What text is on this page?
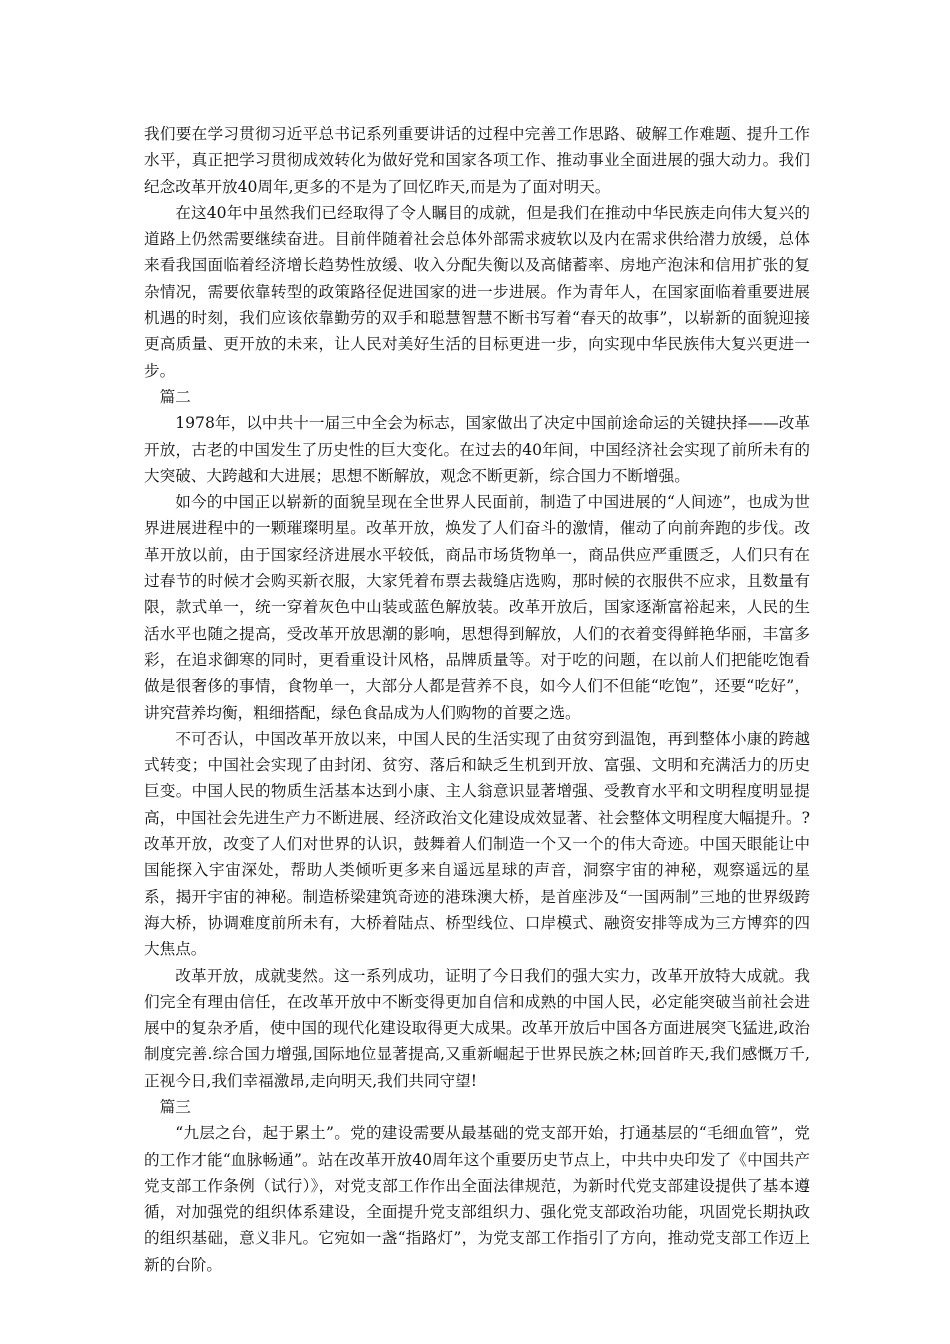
我们要在学习贯彻习近平总书记系列重要讲话的过程中完善工作思路、破解工作难题、提升工作水平，真正把学习贯彻成效转化为做好党和国家各项工作、推动事业全面进展的强大动力。我们纪念改革开放40周年,更多的不是为了回忆昨天,而是为了面对明天。

在这40年中虽然我们已经取得了令人瞩目的成就，但是我们在推动中华民族走向伟大复兴的道路上仍然需要继续奋进。目前伴随着社会总体外部需求疲软以及内在需求供给潜力放缓，总体来看我国面临着经济增长趋势性放缓、收入分配失衡以及高储蓄率、房地产泡沫和信用扩张的复杂情况，需要依靠转型的政策路径促进国家的进一步进展。作为青年人，在国家面临着重要进展机遇的时刻，我们应该依靠勤劳的双手和聪慧智慧不断书写着“春天的故事”，以崭新的面貌迎接更高质量、更开放的未来，让人民对美好生活的目标更进一步，向实现中华民族伟大复兴更进一步。

篇二

1978年，以中共十一届三中全会为标志，国家做出了决定中国前途命运的关键抉择——改革开放，古老的中国发生了历史性的巨大变化。在过去的40年间，中国经济社会实现了前所未有的大突破、大跨越和大进展；思想不断解放，观念不断更新，综合国力不断增强。

如今的中国正以崭新的面貌呈现在全世界人民面前，制造了中国进展的“人间迹”，也成为世界进展进程中的一颗璀璨明星。改革开放，焕发了人们奋斗的激情，催动了向前奔跑的步伐。改革开放以前，由于国家经济进展水平较低，商品市场货物单一，商品供应严重匮乏，人们只有在过春节的时候才会购买新衣服，大家凭着布票去裁缝店选购，那时候的衣服供不应求，且数量有限，款式单一，统一穿着灰色中山装或蓝色解放装。改革开放后，国家逐渐富裕起来，人民的生活水平也随之提高，受改革开放思潮的影响，思想得到解放，人们的衣着变得鲜艳华丽，丰富多彩，在追求御寒的同时，更看重设计风格，品牌质量等。对于吃的问题，在以前人们把能吃饱看做是很奢侈的事情，食物单一，大部分人都是营养不良，如今人们不但能“吃饱”，还要“吃好”，讲究营养均衡，粗细搭配，绿色食品成为人们购物的首要之选。

不可否认，中国改革开放以来，中国人民的生活实现了由贫穷到温饱，再到整体小康的跨越式转变；中国社会实现了由封闭、贫穷、落后和缺乏生机到开放、富强、文明和充满活力的历史巨变。中国人民的物质生活基本达到小康、主人翁意识显著增强、受教育水平和文明程度明显提高，中国社会先进生产力不断进展、经济政治文化建设成效显著、社会整体文明程度大幅提升。?改革开放，改变了人们对世界的认识，鼓舞着人们制造一个又一个的伟大奇迹。中国天眼能让中国能探入宇宙深处，帮助人类倾听更多来自遥远星球的声音，洞察宇宙的神秘，观察遥远的星系，揭开宇宙的神秘。制造桥梁建筑奇迹的港珠澳大桥，是首座涉及“一国两制”三地的世界级跨海大桥，协调难度前所未有，大桥着陆点、桥型线位、口岸模式、融资安排等成为三方博弈的四大焦点。

改革开放，成就斐然。这一系列成功，证明了今日我们的强大实力，改革开放特大成就。我们完全有理由信任，在改革开放中不断变得更加自信和成熟的中国人民，必定能突破当前社会进展中的复杂矛盾，使中国的现代化建设取得更大成果。改革开放后中国各方面进展突飞猛进,政治制度完善.综合国力增强,国际地位显著提高,又重新崛起于世界民族之林;回首昨天,我们感慨万千,正视今日,我们幸福激昂,走向明天,我们共同守望!

篇三

“九层之台，起于累土”。党的建设需要从最基础的党支部开始，打通基层的“毛细血管”，党的工作才能“血脉畅通”。站在改革开放40周年这个重要历史节点上，中共中央印发了《中国共产党支部工作条例（试行）》，对党支部工作作出全面法律规范，为新时代党支部建设提供了基本遵循，对加强党的组织体系建设，全面提升党支部组织力、强化党支部政治功能，巩固党长期执政的组织基础，意义非凡。它宛如一盏“指路灯”，为党支部工作指引了方向，推动党支部工作迈上新的台阶。
